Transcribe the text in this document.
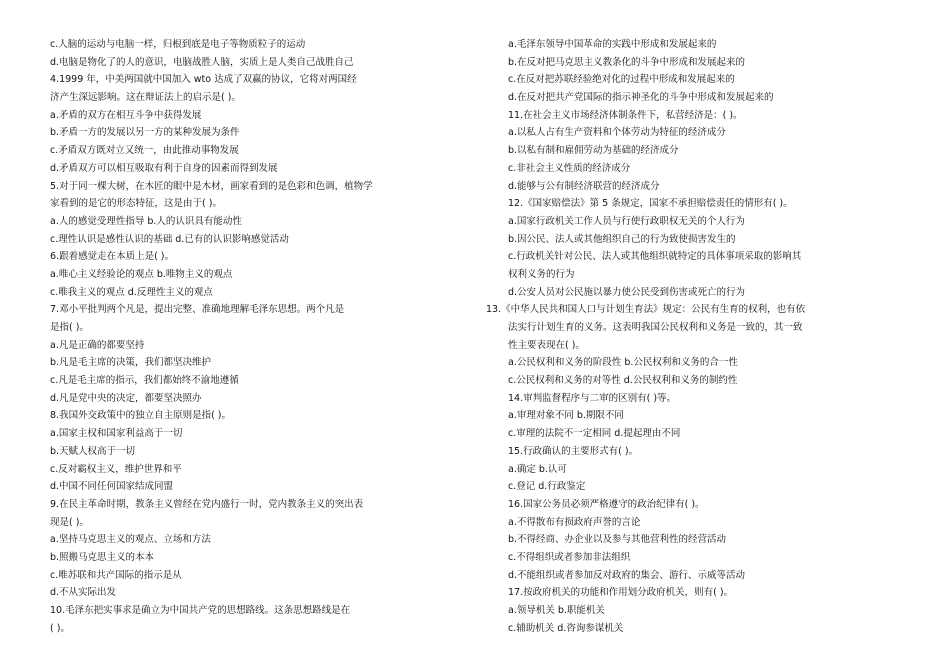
c.人脑的运动与电脑一样，归根到底是电子等物质粒子的运动
d.电脑是物化了的人的意识，电脑战胜人脑，实质上是人类自己战胜自己
4.1999 年，中美两国就中国加入 wto 达成了双赢的协议，它将对两国经
济产生深远影响。这在辩证法上的启示是( )。
a.矛盾的双方在相互斗争中获得发展
b.矛盾一方的发展以另一方的某种发展为条件
c.矛盾双方既对立又统一，由此推动事物发展
d.矛盾双方可以相互吸取有利于自身的因素而得到发展
5.对于同一棵大树，在木匠的眼中是木材，画家看到的是色彩和色调，植物学
家看到的是它的形态特征，这是由于( )。
a.人的感觉受理性指导 b.人的认识具有能动性
c.理性认识是感性认识的基础 d.已有的认识影响感觉活动
6.跟着感觉走在本质上是( )。
a.唯心主义经验论的观点 b.唯物主义的观点
c.唯我主义的观点 d.反理性主义的观点
7.邓小平批判两个凡是，提出完整、准确地理解毛泽东思想。两个凡是
是指( )。
a.凡是正确的都要坚持
b.凡是毛主席的决策，我们都坚决维护
c.凡是毛主席的指示，我们都始终不渝地遵循
d.凡是党中央的决定，都要坚决照办
8.我国外交政策中的独立自主原则是指( )。
a.国家主权和国家利益高于一切
b.天赋人权高于一切
c.反对霸权主义，维护世界和平
d.中国不同任何国家结成同盟
9.在民主革命时期，教条主义曾经在党内盛行一时，党内教条主义的突出表
现是( )。
a.坚持马克思主义的观点、立场和方法
b.照搬马克思主义的本本
c.唯苏联和共产国际的指示是从
d.不从实际出发
10.毛泽东把实事求是确立为中国共产党的思想路线。这条思想路线是在
( )。
a.毛泽东领导中国革命的实践中形成和发展起来的
b.在反对把马克思主义教条化的斗争中形成和发展起来的
c.在反对把苏联经验绝对化的过程中形成和发展起来的
d.在反对把共产党国际的指示神圣化的斗争中形成和发展起来的
11.在社会主义市场经济体制条件下，私营经济是：( )。
a.以私人占有生产资料和个体劳动为特征的经济成分
b.以私有制和雇佣劳动为基础的经济成分
c.非社会主义性质的经济成分
d.能够与公有制经济联营的经济成分
12.《国家赔偿法》第 5 条规定，国家不承担赔偿责任的情形有( )。
a.国家行政机关工作人员与行使行政职权无关的个人行为
b.因公民、法人或其他组织自己的行为致使损害发生的
c.行政机关针对公民、法人或其他组织就特定的具体事项采取的影响其
权利义务的行为
d.公安人员对公民施以暴力使公民受到伤害或死亡的行为
13.《中华人民共和国人口与计划生育法》规定：公民有生育的权利，也有依
法实行计划生育的义务。这表明我国公民权利和义务是一致的，其一致
性主要表现在( )。
a.公民权利和义务的阶段性 b.公民权利和义务的合一性
c.公民权利和义务的对等性 d.公民权利和义务的制约性
14.审判监督程序与二审的区别有( )等。
a.审理对象不同 b.期限不同
c.审理的法院不一定相同 d.提起理由不同
15.行政确认的主要形式有( )。
a.确定 b.认可
c.登记 d.行政鉴定
16.国家公务员必须严格遵守的政治纪律有( )。
a.不得散布有损政府声誉的言论
b.不得经商、办企业以及参与其他营利性的经营活动
c.不得组织或者参加非法组织
d.不能组织或者参加反对政府的集会、游行、示威等活动
17.按政府机关的功能和作用划分政府机关，则有( )。
a.领导机关 b.职能机关
c.辅助机关 d.咨询参谋机关
